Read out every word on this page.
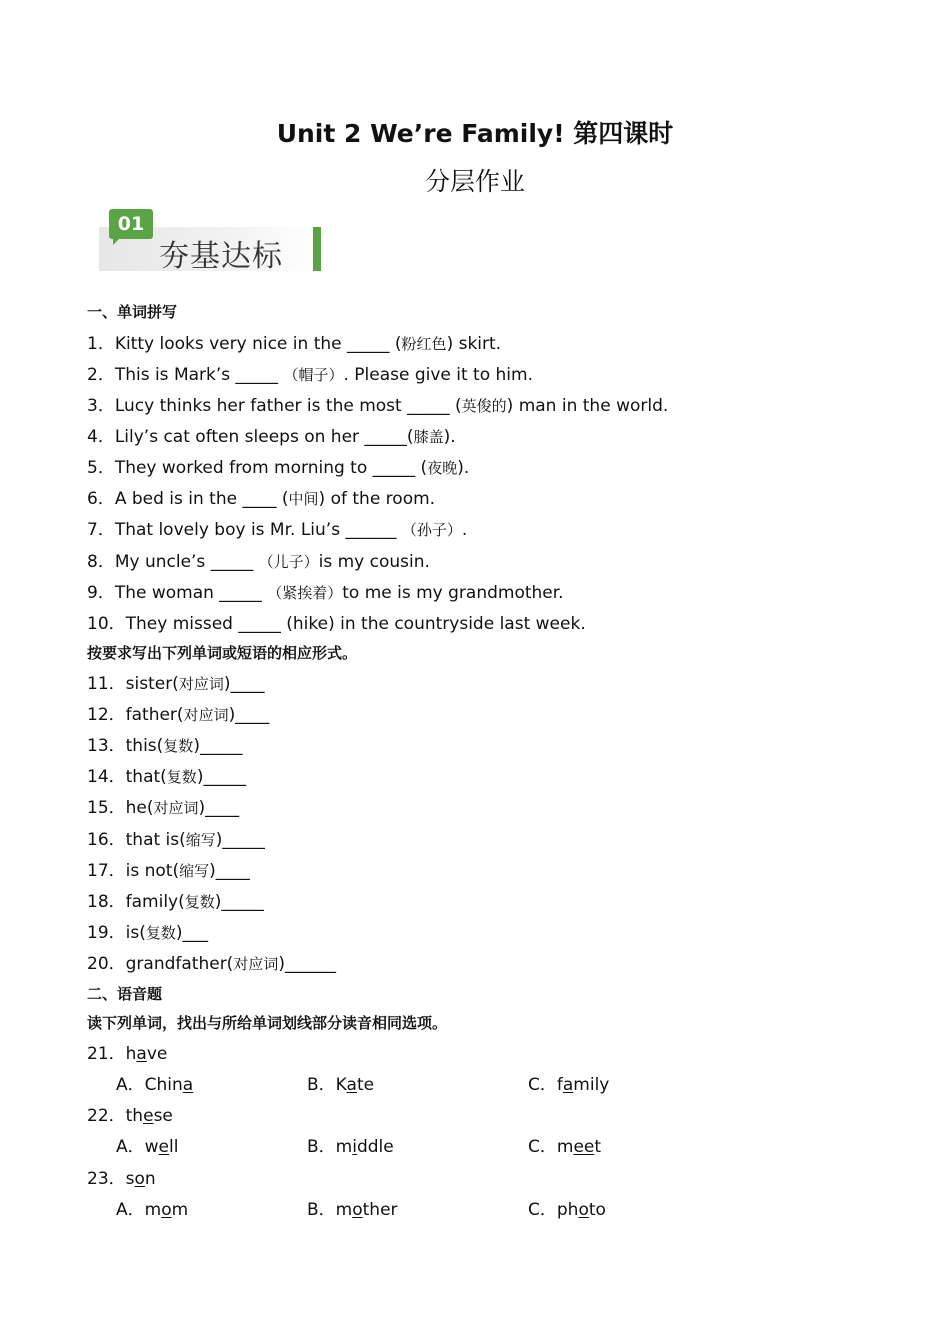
Unit 2 We’re Family! 第四课时
分层作业
01
夯基达标
一、单词拼写
1．Kitty looks very nice in the _____ (粉红色) skirt.
2．This is Mark’s _____ （帽子）. Please give it to him.
3．Lucy thinks her father is the most _____ (英俊的) man in the world.
4．Lily’s cat often sleeps on her _____(膝盖).
5．They worked from morning to _____ (夜晚).
6．A bed is in the ____ (中间) of the room.
7．That lovely boy is Mr. Liu’s ______ （孙子）.
8．My uncle’s _____ （儿子）is my cousin.
9．The woman _____ （紧挨着）to me is my grandmother.
10．They missed _____ (hike) in the countryside last week.
按要求写出下列单词或短语的相应形式。
11．sister(对应词)____
12．father(对应词)____
13．this(复数)_____
14．that(复数)_____
15．he(对应词)____
16．that is(缩写)_____
17．is not(缩写)____
18．family(复数)_____
19．is(复数)___
20．grandfather(对应词)______
二、语音题
读下列单词，找出与所给单词划线部分读音相同选项。
21．have
A．China	B．Kate	C．family
22．these
A．well	B．middle	C．meet
23．son
A．mom	B．mother	C．photo
